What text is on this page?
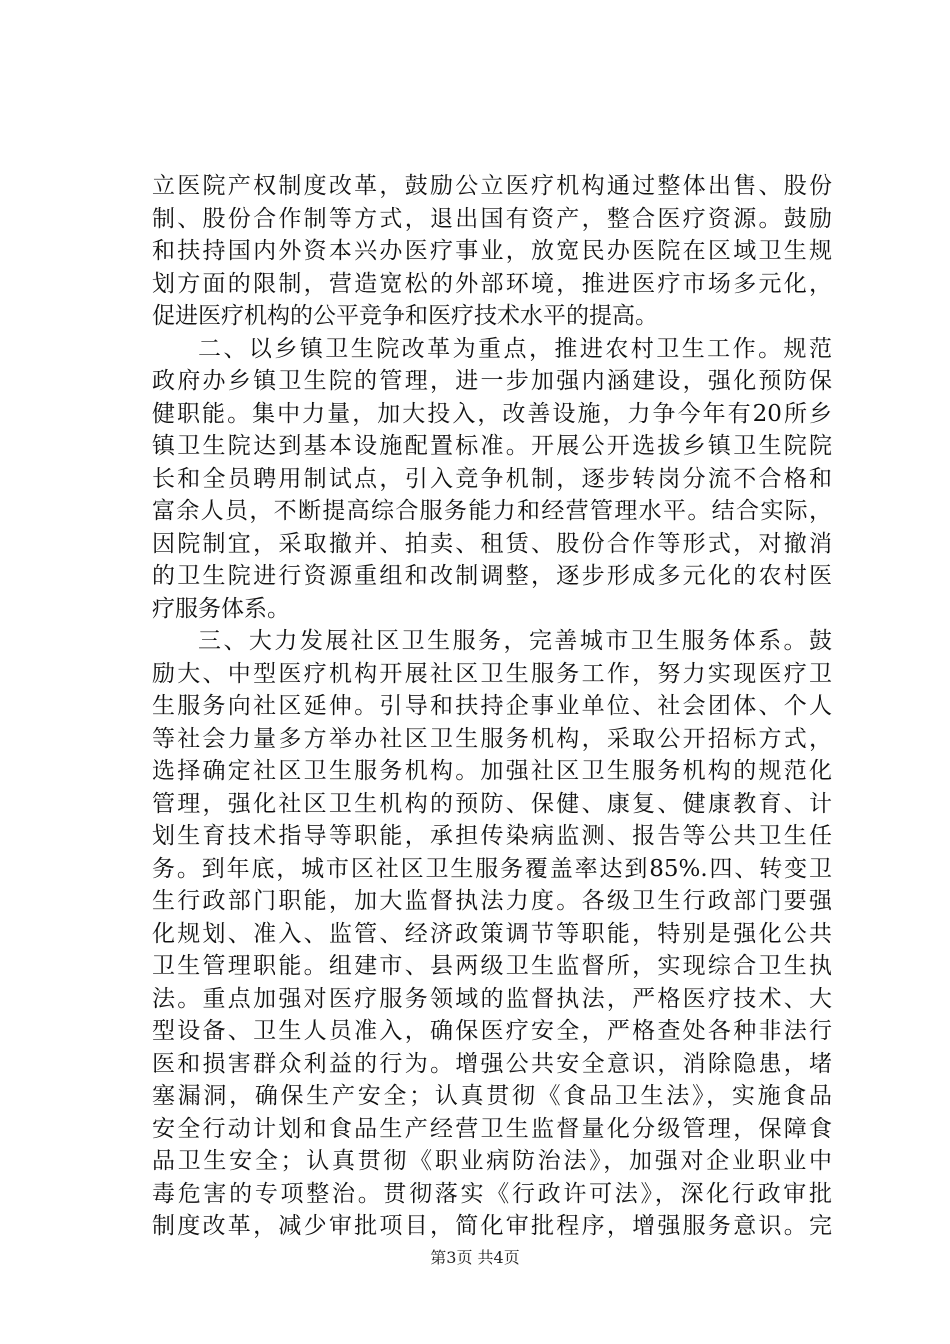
立医院产权制度改革，鼓励公立医疗机构通过整体出售、股份
制、股份合作制等方式，退出国有资产，整合医疗资源。鼓励
和扶持国内外资本兴办医疗事业，放宽民办医院在区域卫生规
划方面的限制，营造宽松的外部环境，推进医疗市场多元化，
促进医疗机构的公平竞争和医疗技术水平的提高。
二、以乡镇卫生院改革为重点，推进农村卫生工作。规范
政府办乡镇卫生院的管理，进一步加强内涵建设，强化预防保
健职能。集中力量，加大投入，改善设施，力争今年有20所乡
镇卫生院达到基本设施配置标准。开展公开选拔乡镇卫生院院
长和全员聘用制试点，引入竞争机制，逐步转岗分流不合格和
富余人员，不断提高综合服务能力和经营管理水平。结合实际，
因院制宜，采取撤并、拍卖、租赁、股份合作等形式，对撤消
的卫生院进行资源重组和改制调整，逐步形成多元化的农村医
疗服务体系。
三、大力发展社区卫生服务，完善城市卫生服务体系。鼓
励大、中型医疗机构开展社区卫生服务工作，努力实现医疗卫
生服务向社区延伸。引导和扶持企事业单位、社会团体、个人
等社会力量多方举办社区卫生服务机构，采取公开招标方式，
选择确定社区卫生服务机构。加强社区卫生服务机构的规范化
管理，强化社区卫生机构的预防、保健、康复、健康教育、计
划生育技术指导等职能，承担传染病监测、报告等公共卫生任
务。到年底，城市区社区卫生服务覆盖率达到85%.四、转变卫
生行政部门职能，加大监督执法力度。各级卫生行政部门要强
化规划、准入、监管、经济政策调节等职能，特别是强化公共
卫生管理职能。组建市、县两级卫生监督所，实现综合卫生执
法。重点加强对医疗服务领域的监督执法，严格医疗技术、大
型设备、卫生人员准入，确保医疗安全，严格查处各种非法行
医和损害群众利益的行为。增强公共安全意识，消除隐患，堵
塞漏洞，确保生产安全；认真贯彻《食品卫生法》，实施食品
安全行动计划和食品生产经营卫生监督量化分级管理，保障食
品卫生安全；认真贯彻《职业病防治法》，加强对企业职业中
毒危害的专项整治。贯彻落实《行政许可法》，深化行政审批
制度改革，减少审批项目，简化审批程序，增强服务意识。完
第3页 共4页
